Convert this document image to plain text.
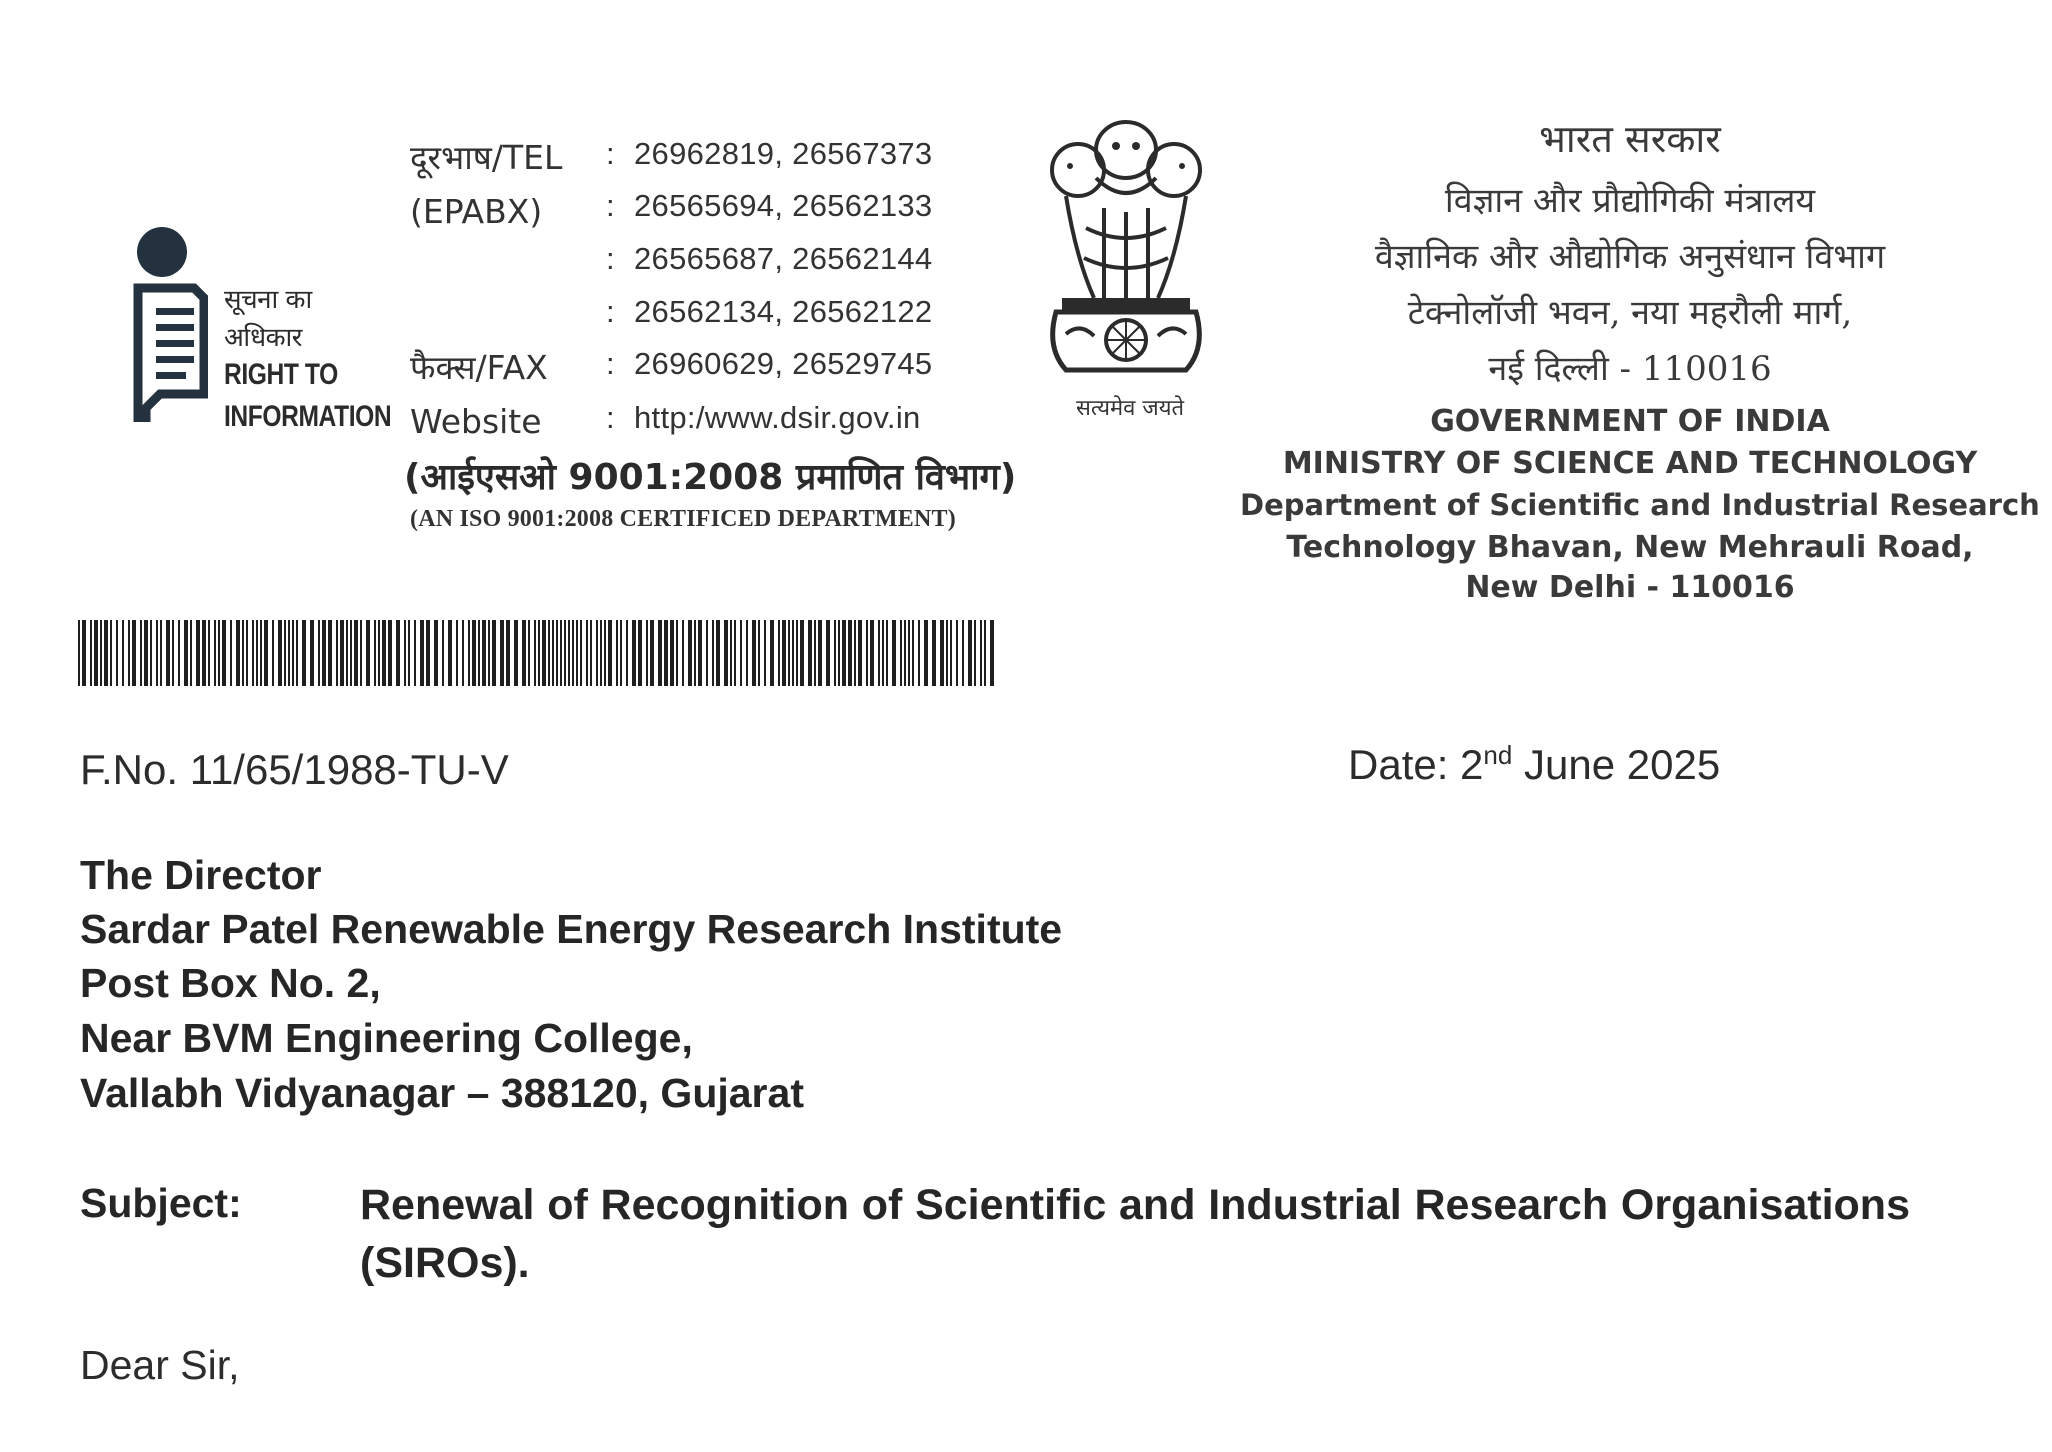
सूचना का
अधिकार
RIGHT TO
INFORMATION
दूरभाष/TEL
(EPABX)
फैक्स/FAX
Website
:
:
:
:
:
:
26962819, 26567373
26565694, 26562133
26565687, 26562144
26562134, 26562122
26960629, 26529745
http:/www.dsir.gov.in
(आईएसओ 9001:2008 प्रमाणित विभाग)
(AN ISO 9001:2008 CERTIFICED DEPARTMENT)
सत्यमेव जयते
भारत सरकार
विज्ञान और प्रौद्योगिकी मंत्रालय
वैज्ञानिक और औद्योगिक अनुसंधान विभाग
टेक्नोलॉजी भवन, नया महरौली मार्ग,
नई दिल्ली - 110016
GOVERNMENT OF INDIA
MINISTRY OF SCIENCE AND TECHNOLOGY
Department of Scientific and Industrial Research
Technology Bhavan, New Mehrauli Road,
New Delhi - 110016
F.No. 11/65/1988-TU-V	Date: 2nd June 2025
The Director
Sardar Patel Renewable Energy Research Institute
Post Box No. 2,
Near BVM Engineering College,
Vallabh Vidyanagar – 388120, Gujarat
Subject:	Renewal of Recognition of Scientific and Industrial Research Organisations (SIROs).
Dear Sir,
